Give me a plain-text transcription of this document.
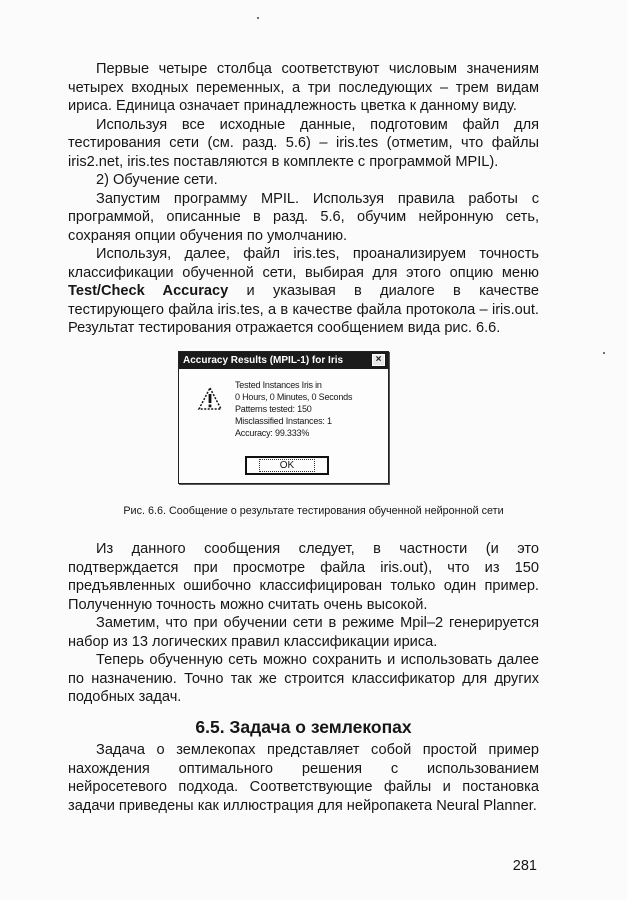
Первые четыре столбца соответствуют числовым значениям четырех входных переменных, а три последующих – трем видам ириса. Единица означает принадлежность цветка к данному виду.

Используя все исходные данные, подготовим файл для тестирования сети (см. разд. 5.6) – iris.tes (отметим, что файлы iris2.net, iris.tes поставляются в комплекте с программой MPIL).

2) Обучение сети.

Запустим программу MPIL. Используя правила работы с программой, описанные в разд. 5.6, обучим нейронную сеть, сохраняя опции обучения по умолчанию.

Используя, далее, файл iris.tes, проанализируем точность классификации обученной сети, выбирая для этого опцию меню Test/Check Accuracy и указывая в диалоге в качестве тестирующего файла iris.tes, а в качестве файла протокола – iris.out. Результат тестирования отражается сообщением вида рис. 6.6.

Accuracy Results (MPIL-1) for Iris	×
Tested Instances Iris in
0 Hours, 0 Minutes, 0 Seconds
Patterns tested: 150
Misclassified Instances: 1
Accuracy: 99.333%
OK

Рис. 6.6. Сообщение о результате тестирования обученной нейронной сети

Из данного сообщения следует, в частности (и это подтверждается при просмотре файла iris.out), что из 150 предъявленных ошибочно классифицирован только один пример. Полученную точность можно считать очень высокой.

Заметим, что при обучении сети в режиме Mpil–2 генерируется набор из 13 логических правил классификации ириса.

Теперь обученную сеть можно сохранить и использовать далее по назначению. Точно так же строится классификатор для других подобных задач.

6.5. Задача о землекопах

Задача о землекопах представляет собой простой пример нахождения оптимального решения с использованием нейросетевого подхода. Соответствующие файлы и постановка задачи приведены как иллюстрация для нейропакета Neural Planner.

281
